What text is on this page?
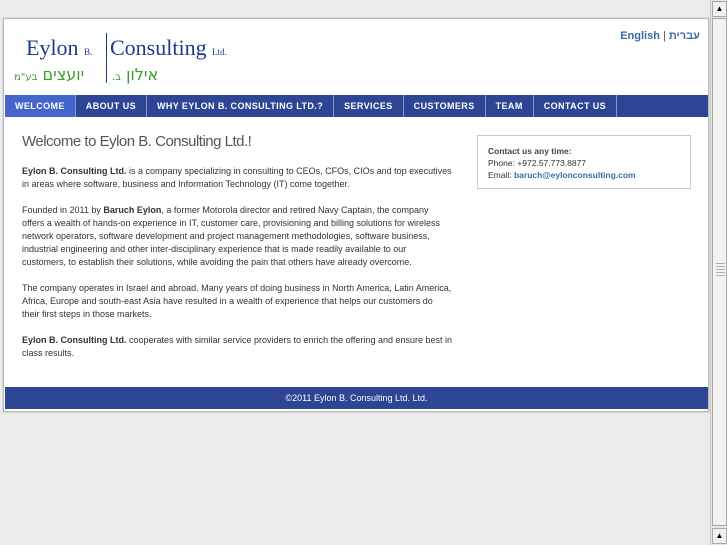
Eylon B. Consulting Ltd.
יועצים בע"מ	אילון ב.
English | עברית
WELCOME	ABOUT US	WHY EYLON B. CONSULTING LTD.?	SERVICES	CUSTOMERS	TEAM	CONTACT US
Welcome to Eylon B. Consulting Ltd.!

Eylon B. Consulting Ltd. is a company specializing in consulting to CEOs, CFOs, CIOs and top executives in areas where software, business and Information Technology (IT) come together.

Founded in 2011 by Baruch Eylon, a former Motorola director and retired Navy Captain, the company offers a wealth of hands-on experience in IT, customer care, provisioning and billing solutions for wireless network operators, software development and project management methodologies, software business, industrial engineering and other inter-disciplinary experience that is made readily available to our customers, to establish their solutions, while avoiding the pain that others have already overcome.

The company operates in Israel and abroad. Many years of doing business in North America, Latin America, Africa, Europe and south-east Asia have resulted in a wealth of experience that helps our customers do their first steps in those markets.

Eylon B. Consulting Ltd. cooperates with similar service providers to enrich the offering and ensure best in class results.

Contact us any time:
Phone: +972.57.773.8877
Email: baruch@eylonconsulting.com
©2011 Eylon B. Consulting Ltd. Ltd.
▲
▲
